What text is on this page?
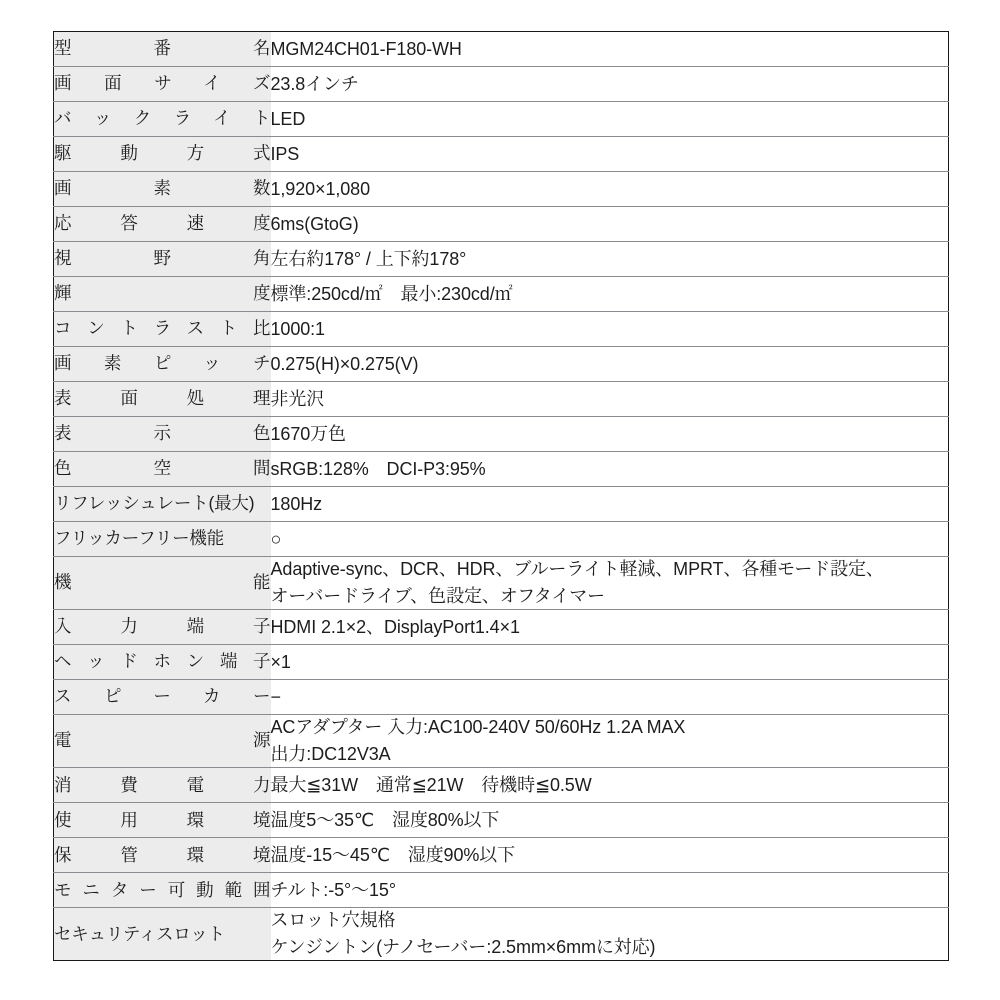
型番名	MGM24CH01-F180-WH

画面サイズ	23.8インチ

バックライト	LED

駆動方式	IPS

画素数	1,920×1,080

応答速度	6ms(GtoG)

視野角	左右約178° / 上下約178°

輝度	標準:250cd/㎡　最小:230cd/㎡

コントラスト比	1000:1

画素ピッチ	0.275(H)×0.275(V)

表面処理	非光沢

表示色	1670万色

色空間	sRGB:128%　DCI-P3:95%

リフレッシュレート(最大)	180Hz

フリッカーフリー機能	○

機能	Adaptive-sync、DCR、HDR、ブルーライト軽減、MPRT、各種モード設定、
オーバードライブ、色設定、オフタイマー

入力端子	HDMI 2.1×2、DisplayPort1.4×1

ヘッドホン端子	×1

スピーカー	−

電源	ACアダプター 入力:AC100-240V 50/60Hz 1.2A MAX
出力:DC12V3A

消費電力	最大≦31W　通常≦21W　待機時≦0.5W

使用環境	温度5〜35℃　湿度80%以下

保管環境	温度-15〜45℃　湿度90%以下

モニター可動範囲	チルト:-5°〜15°

セキュリティスロット	スロット穴規格
ケンジントン(ナノセーバー:2.5mm×6mmに対応)
